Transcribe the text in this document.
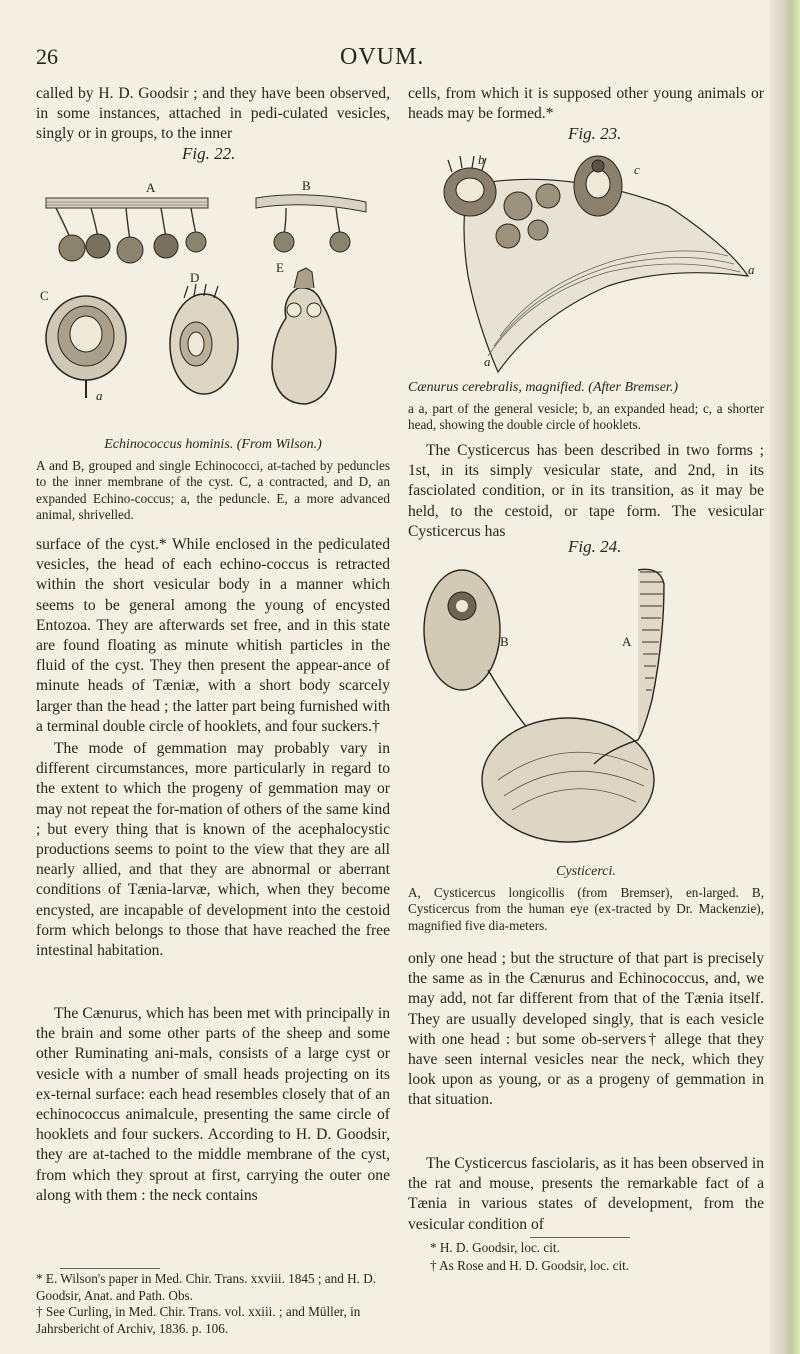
26	OVUM.

called by H. D. Goodsir ; and they have been observed, in some instances, attached in pedi-culated vesicles, singly or in groups, to the inner

Fig. 22.
A	B
C
a
D
E
Echinococcus hominis. (From Wilson.)
A and B, grouped and single Echinococci, at-tached by peduncles to the inner membrane of the cyst. C, a contracted, and D, an expanded Echino-coccus; a, the peduncle. E, a more advanced animal, shrivelled.

surface of the cyst.* While enclosed in the pediculated vesicles, the head of each echino-coccus is retracted within the short vesicular body in a manner which seems to be general among the young of encysted Entozoa. They are afterwards set free, and in this state are found floating as minute whitish particles in the fluid of the cyst. They then present the appear-ance of minute heads of Tæniæ, with a short body scarcely larger than the head ; the latter part being furnished with a terminal double circle of hooklets, and four suckers.†

The mode of gemmation may probably vary in different circumstances, more particularly in regard to the extent to which the progeny of gemmation may or may not repeat the for-mation of others of the same kind ; but every thing that is known of the acephalocystic productions seems to point to the view that they are all nearly allied, and that they are abnormal or aberrant conditions of Tænia-larvæ, which, when they become encysted, are incapable of development into the cestoid form which belongs to those that have reached the free intestinal habitation.

The Cænurus, which has been met with principally in the brain and some other parts of the sheep and some other Ruminating ani-mals, consists of a large cyst or vesicle with a number of small heads projecting on its ex-ternal surface: each head resembles closely that of an echinococcus animalcule, presenting the same circle of hooklets and four suckers. According to H. D. Goodsir, they are at-tached to the middle membrane of the cyst, from which they sprout at first, carrying the outer one along with them : the neck contains

* E. Wilson's paper in Med. Chir. Trans. xxviii. 1845 ; and H. D. Goodsir, Anat. and Path. Obs.
† See Curling, in Med. Chir. Trans. vol. xxiii. ; and Müller, in Jahrsbericht of Archiv, 1836. p. 106.

cells, from which it is supposed other young animals or heads may be formed.*

Fig. 23.
b
c
a
a
Cænurus cerebralis, magnified. (After Bremser.)
a a, part of the general vesicle; b, an expanded head; c, a shorter head, showing the double circle of hooklets.

The Cysticercus has been described in two forms ; 1st, in its simply vesicular state, and 2nd, in its fasciolated condition, or in its transition, as it may be held, to the cestoid, or tape form. The vesicular Cysticercus has

Fig. 24.
B	A
Cysticerci.
A, Cysticercus longicollis (from Bremser), en-larged. B, Cysticercus from the human eye (ex-tracted by Dr. Mackenzie), magnified five dia-meters.

only one head ; but the structure of that part is precisely the same as in the Cænurus and Echinococcus, and, we may add, not far different from that of the Tænia itself. They are usually developed singly, that is each vesicle with one head : but some ob-servers† allege that they have seen internal vesicles near the neck, which they look upon as young, or as a progeny of gemmation in that situation.

The Cysticercus fasciolaris, as it has been observed in the rat and mouse, presents the remarkable fact of a Tænia in various states of development, from the vesicular condition of

* H. D. Goodsir, loc. cit.
† As Rose and H. D. Goodsir, loc. cit.
